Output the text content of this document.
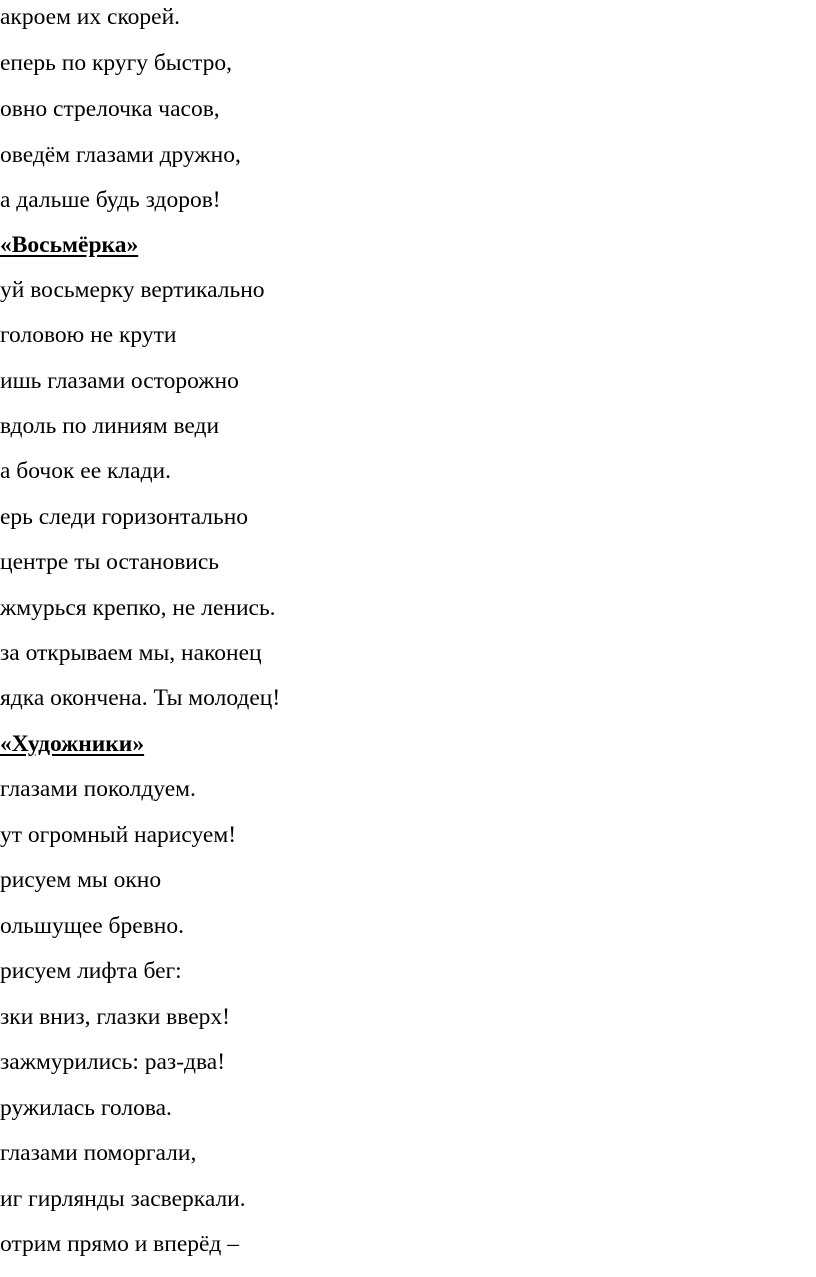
акроем их скорей.
еперь по кругу быстро,
овно стрелочка часов,
оведём глазами дружно,
а дальше будь здоров!
«Восьмёрка»
уй восьмерку вертикально
головою не крути
ишь глазами осторожно
вдоль по линиям веди
а бочок ее клади.
ерь следи горизонтально
центре ты остановись
жмурься крепко, не ленись.
за открываем мы, наконец
ядка окончена. Ты молодец!
«Художники»
глазами поколдуем.
ут огромный нарисуем!
рисуем мы окно
ольшущее бревно.
рисуем лифта бег:
зки вниз, глазки вверх!
зажмурились: раз-два!
ружилась голова.
глазами поморгали,
иг гирлянды засверкали.
отрим прямо и вперёд –
